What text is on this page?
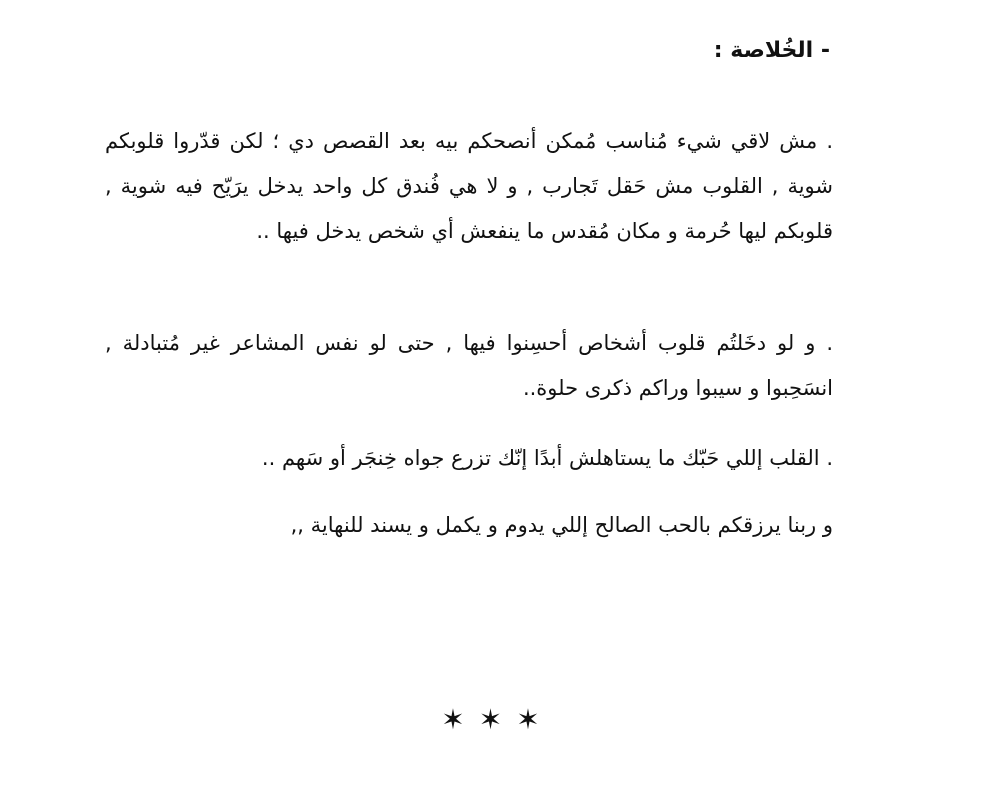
- الخُلاصة :

. مش لاقي شيء مُناسب مُمكن أنصحكم بيه بعد القصص دي ؛ لكن قدّروا قلوبكم شوية , القلوب مش حَقل تَجارب , و لا هي فُندق كل واحد يدخل يرَيّح فيه شوية , قلوبكم ليها حُرمة و مكان مُقدس ما ينفعش أي شخص يدخل فيها ..

. و لو دخَلتُم قلوب أشخاص أحسِنوا فيها , حتى لو نفس المشاعر غير مُتبادلة , انسَحِبوا و سيبوا وراكم ذكرى حلوة..

. القلب إللي حَبّك ما يستاهلش أبدًا إنّك تزرع جواه خِنجَر أو سَهم ..

و ربنا يرزقكم بالحب الصالح إللي يدوم و يكمل و يسند للنهاية ,,

✶✶✶
